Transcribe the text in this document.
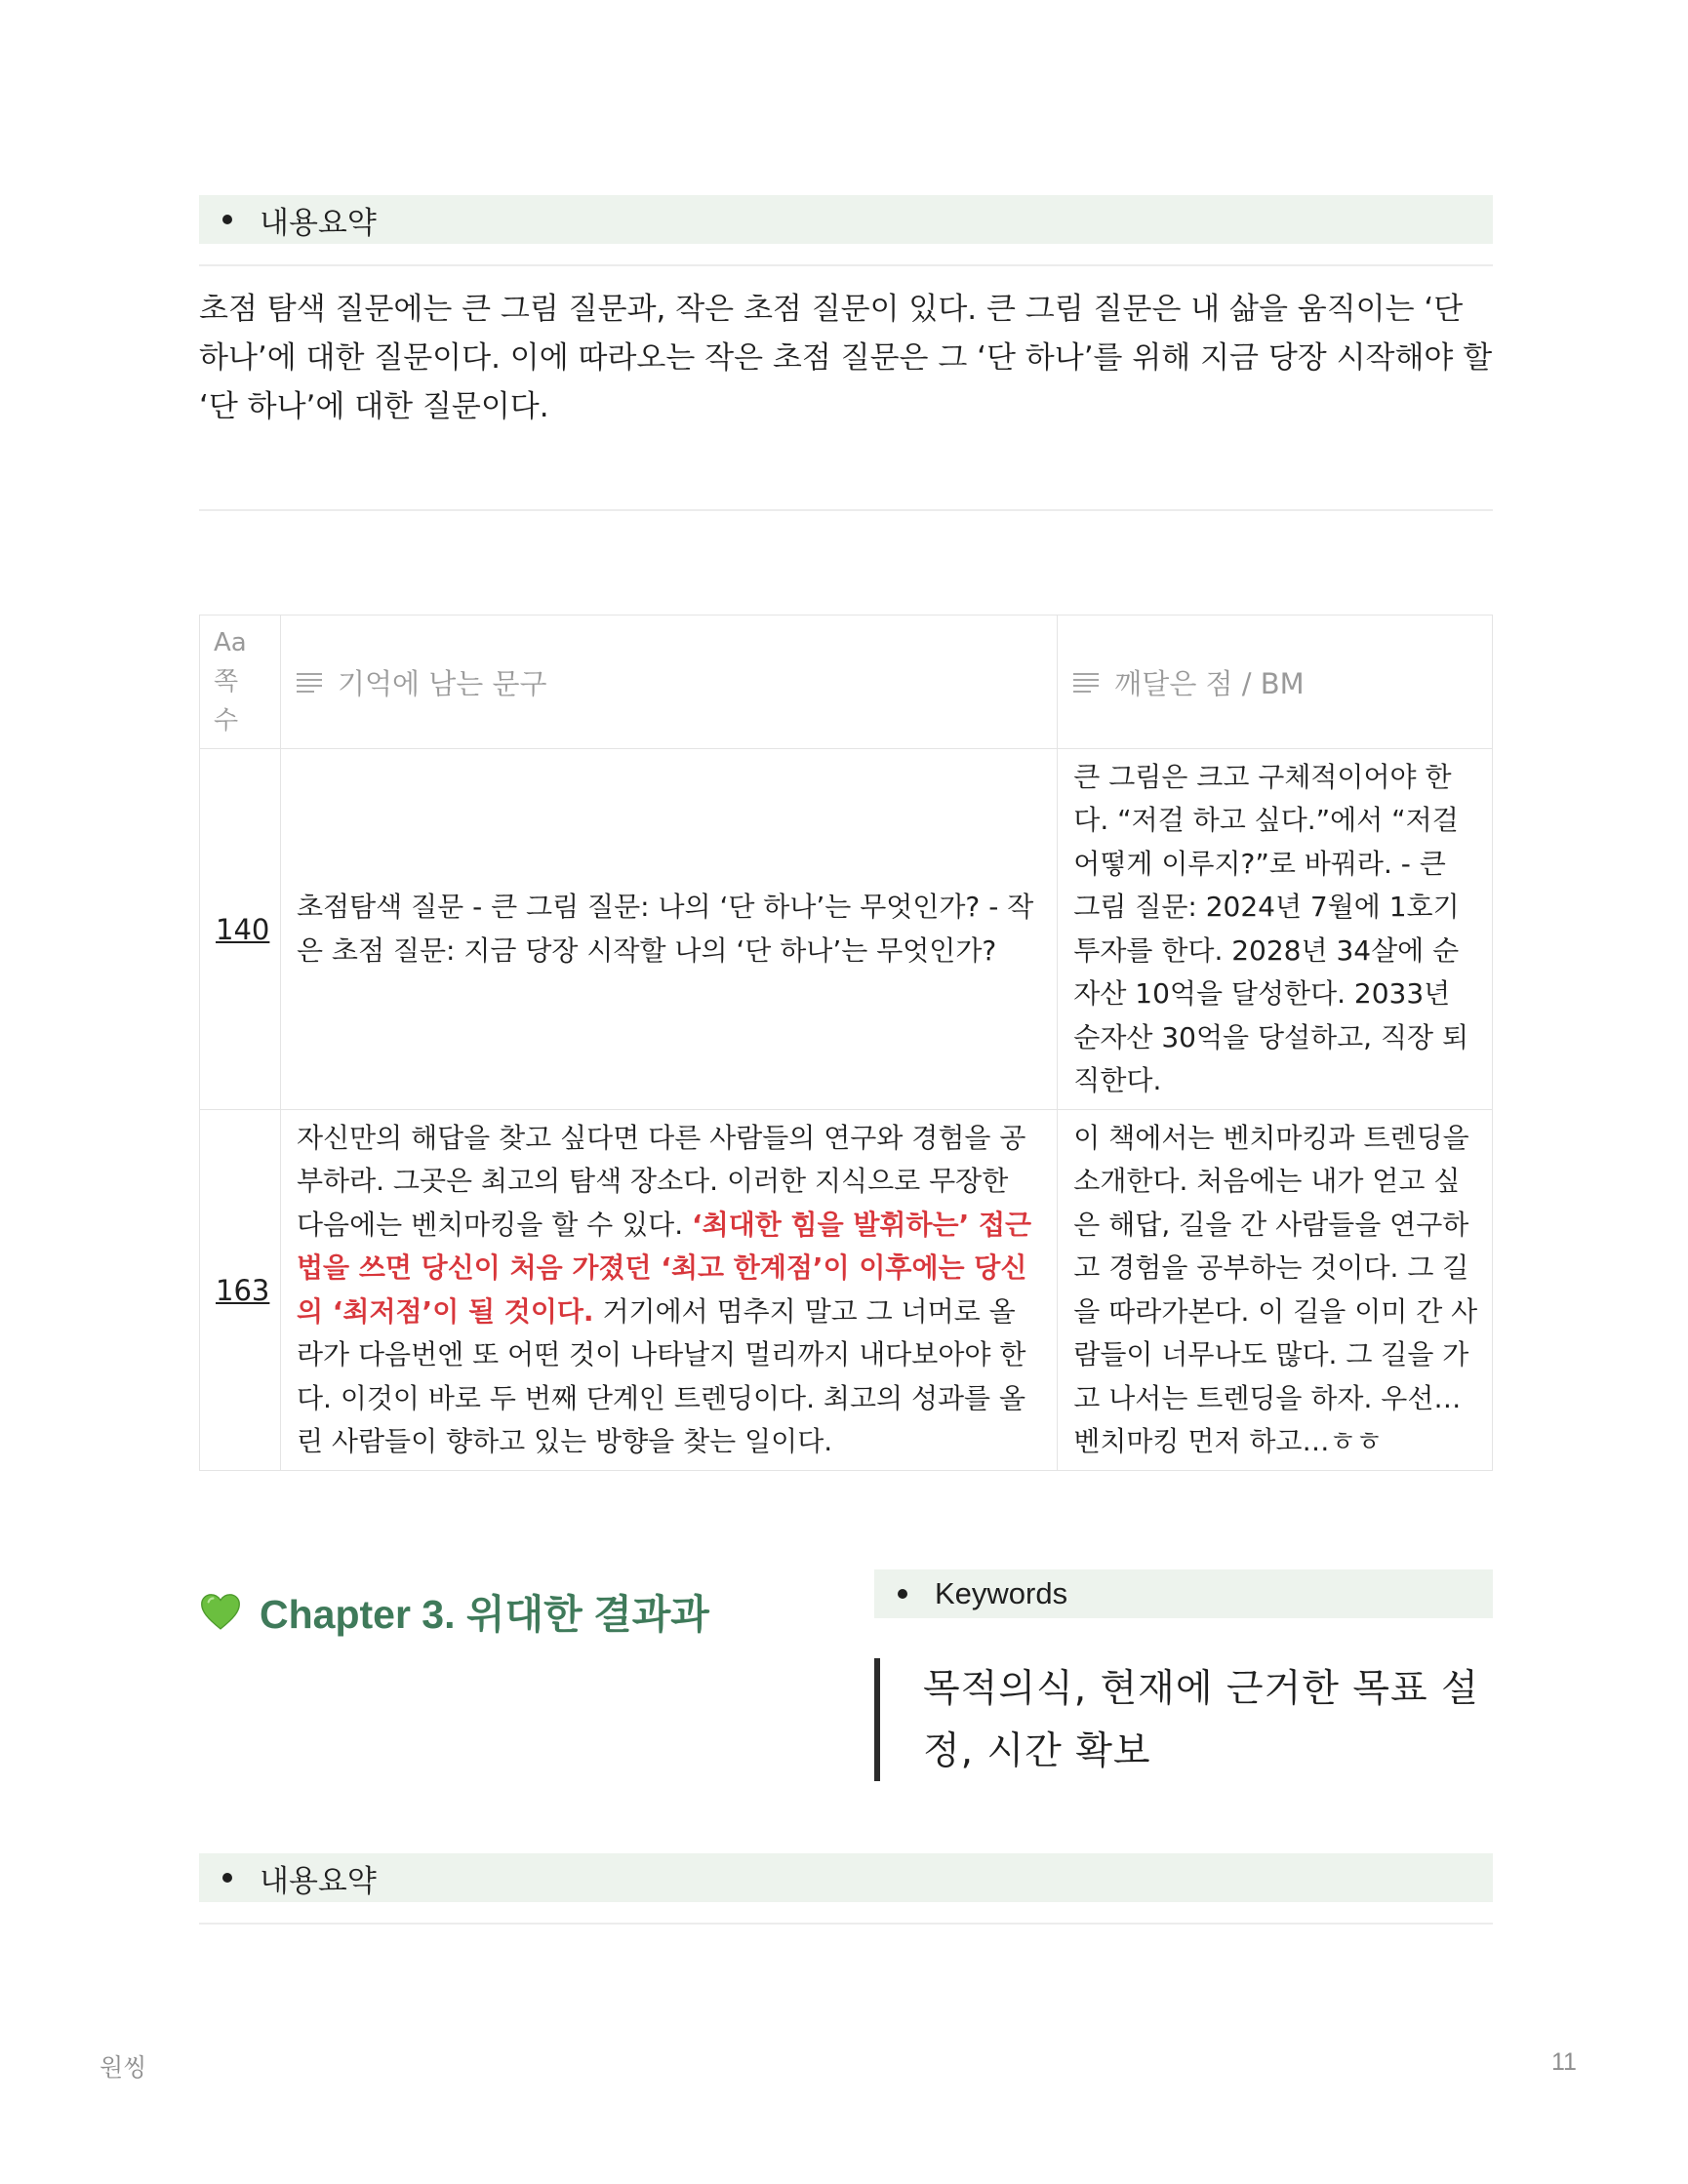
내용요약

초점 탐색 질문에는 큰 그림 질문과, 작은 초점 질문이 있다. 큰 그림 질문은 내 삶을 움직이는 ‘단 하나’에 대한 질문이다. 이에 따라오는 작은 초점 질문은 그 ‘단 하나’를 위해 지금 당장 시작해야 할 ‘단 하나’에 대한 질문이다.

Aa
쪽수	기억에 남는 문구	깨달은 점 / BM

140	초점탐색 질문 - 큰 그림 질문: 나의 ‘단 하나’는 무엇인가? - 작은 초점 질문: 지금 당장 시작할 나의 ‘단 하나’는 무엇인가?	큰 그림은 크고 구체적이어야 한다. “저걸 하고 싶다.”에서 “저걸 어떻게 이루지?”로 바꿔라. - 큰 그림 질문: 2024년 7월에 1호기 투자를 한다. 2028년 34살에 순자산 10억을 달성한다. 2033년 순자산 30억을 당설하고, 직장 퇴직한다.
163	자신만의 해답을 찾고 싶다면 다른 사람들의 연구와 경험을 공부하라. 그곳은 최고의 탐색 장소다. 이러한 지식으로 무장한 다음에는 벤치마킹을 할 수 있다. ‘최대한 힘을 발휘하는’ 접근법을 쓰면 당신이 처음 가졌던 ‘최고 한계점’이 이후에는 당신의 ‘최저점’이 될 것이다. 거기에서 멈추지 말고 그 너머로 올라가 다음번엔 또 어떤 것이 나타날지 멀리까지 내다보아야 한다. 이것이 바로 두 번째 단계인 트렌딩이다. 최고의 성과를 올린 사람들이 향하고 있는 방향을 찾는 일이다.	이 책에서는 벤치마킹과 트렌딩을 소개한다. 처음에는 내가 얻고 싶은 해답, 길을 간 사람들을 연구하고 경험을 공부하는 것이다. 그 길을 따라가본다. 이 길을 이미 간 사람들이 너무나도 많다. 그 길을 가고 나서는 트렌딩을 하자. 우선… 벤치마킹 먼저 하고…ㅎㅎ
Chapter 3. 위대한 결과과	Keywords
목적의식, 현재에 근거한 목표 설정, 시간 확보
내용요약
원씽	11
